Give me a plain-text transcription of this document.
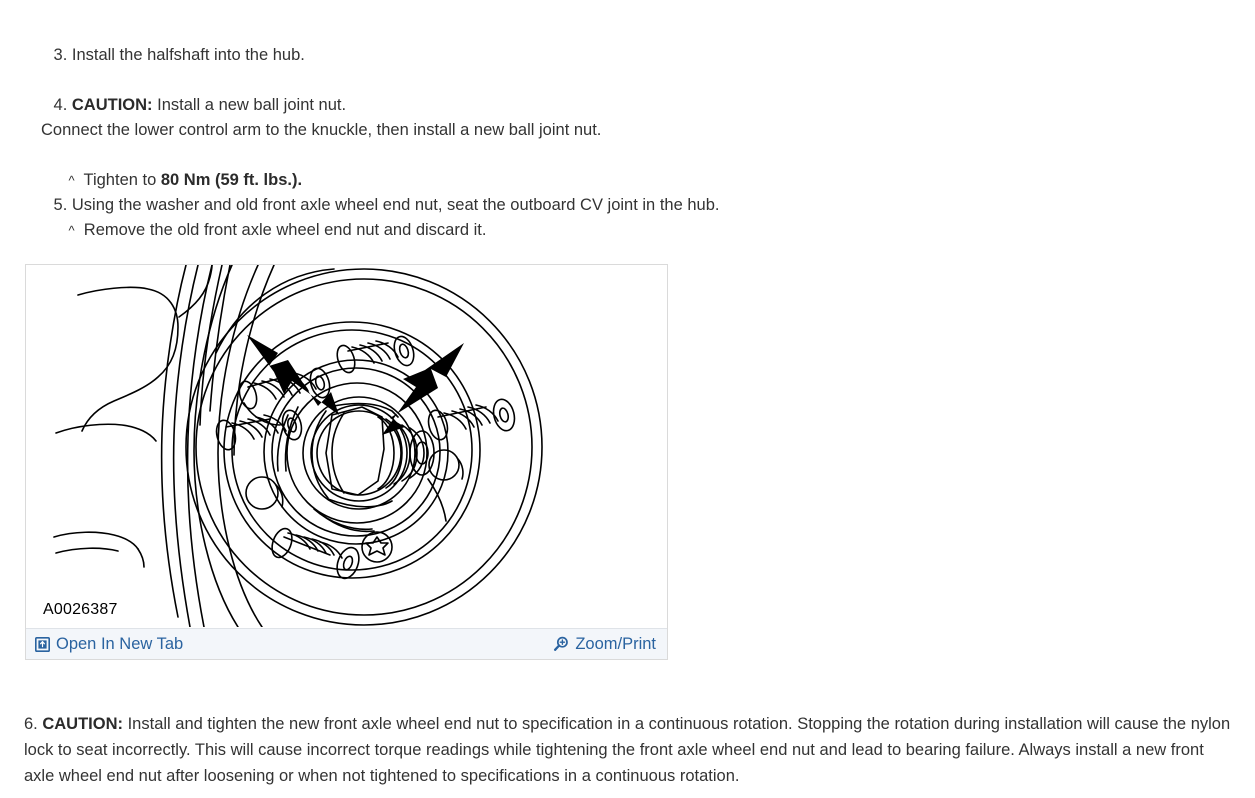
3. Install the halfshaft into the hub.

4. CAUTION: Install a new ball joint nut.

Connect the lower control arm to the knuckle, then install a new ball joint nut.

^  Tighten to 80 Nm (59 ft. lbs.).

5. Using the washer and old front axle wheel end nut, seat the outboard CV joint in the hub.

^  Remove the old front axle wheel end nut and discard it.

A0026387
Open In New Tab	Zoom/Print
6. CAUTION: Install and tighten the new front axle wheel end nut to specification in a continuous rotation. Stopping the rotation during installation will cause the nylon lock to seat incorrectly. This will cause incorrect torque readings while tightening the front axle wheel end nut and lead to bearing failure. Always install a new front axle wheel end nut after loosening or when not tightened to specifications in a continuous rotation.
